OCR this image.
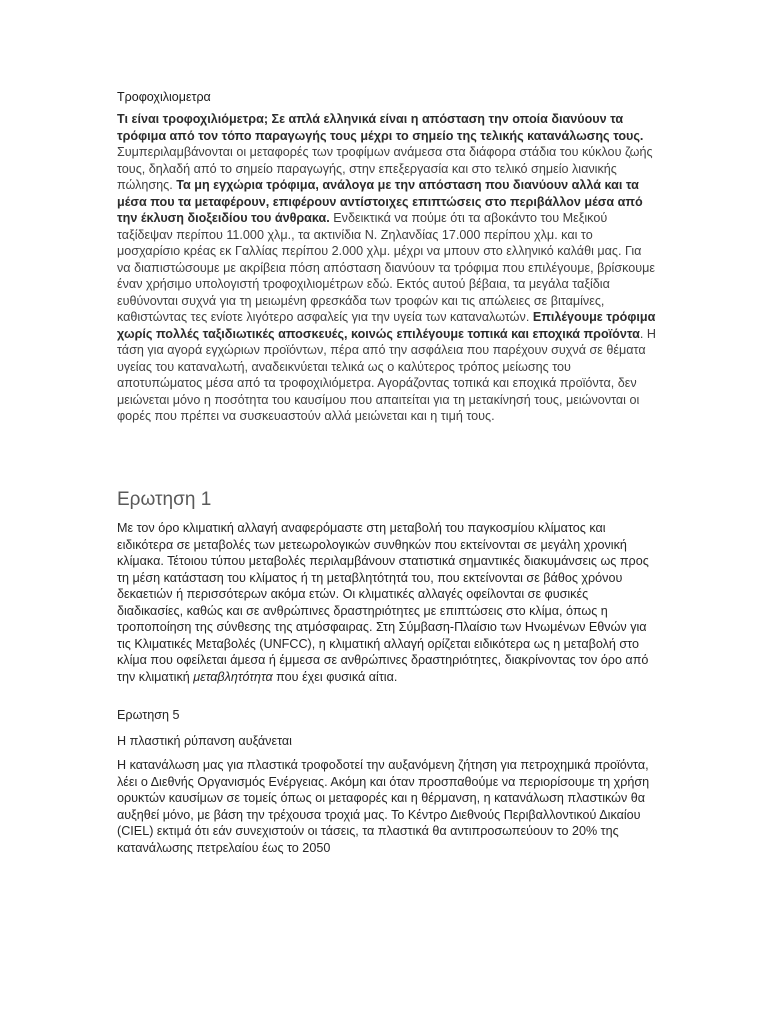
Τροφοχιλιομετρα
Τι είναι τροφοχιλιόμετρα; Σε απλά ελληνικά είναι η απόσταση την οποία διανύουν τα τρόφιμα από τον τόπο παραγωγής τους μέχρι το σημείο της τελικής κατανάλωσης τους. Συμπεριλαμβάνονται οι μεταφορές των τροφίμων ανάμεσα στα διάφορα στάδια του κύκλου ζωής τους, δηλαδή από το σημείο παραγωγής, στην επεξεργασία και στο τελικό σημείο λιανικής πώλησης. Τα μη εγχώρια τρόφιμα, ανάλογα με την απόσταση που διανύουν αλλά και τα μέσα που τα μεταφέρουν, επιφέρουν αντίστοιχες επιπτώσεις στο περιβάλλον μέσα από την έκλυση διοξειδίου του άνθρακα. Ενδεικτικά να πούμε ότι τα αβοκάντο του Μεξικού ταξίδεψαν περίπου 11.000 χλμ., τα ακτινίδια Ν. Ζηλανδίας 17.000 περίπου χλμ. και το μοσχαρίσιο κρέας εκ Γαλλίας περίπου 2.000 χλμ. μέχρι να μπουν στο ελληνικό καλάθι μας. Για να διαπιστώσουμε με ακρίβεια πόση απόσταση διανύουν τα τρόφιμα που επιλέγουμε, βρίσκουμε έναν χρήσιμο υπολογιστή τροφοχιλιομέτρων εδώ. Εκτός αυτού βέβαια, τα μεγάλα ταξίδια ευθύνονται συχνά για τη μειωμένη φρεσκάδα των τροφών και τις απώλειες σε βιταμίνες, καθιστώντας τες ενίοτε λιγότερο ασφαλείς για την υγεία των καταναλωτών. Επιλέγουμε τρόφιμα χωρίς πολλές ταξιδιωτικές αποσκευές, κοινώς επιλέγουμε τοπικά και εποχικά προϊόντα. Η τάση για αγορά εγχώριων προϊόντων, πέρα από την ασφάλεια που παρέχουν συχνά σε θέματα υγείας του καταναλωτή, αναδεικνύεται τελικά ως ο καλύτερος τρόπος μείωσης του αποτυπώματος μέσα από τα τροφοχιλιόμετρα. Αγοράζοντας τοπικά και εποχικά προϊόντα, δεν μειώνεται μόνο η ποσότητα του καυσίμου που απαιτείται για τη μετακίνησή τους, μειώνονται οι φορές που πρέπει να συσκευαστούν αλλά μειώνεται και η τιμή τους.
Ερωτηση 1
Με τον όρο κλιματική αλλαγή αναφερόμαστε στη μεταβολή του παγκοσμίου κλίματος και ειδικότερα σε μεταβολές των μετεωρολογικών συνθηκών που εκτείνονται σε μεγάλη χρονική κλίμακα. Τέτοιου τύπου μεταβολές περιλαμβάνουν στατιστικά σημαντικές διακυμάνσεις ως προς τη μέση κατάσταση του κλίματος ή τη μεταβλητότητά του, που εκτείνονται σε βάθος χρόνου δεκαετιών ή περισσότερων ακόμα ετών. Οι κλιματικές αλλαγές οφείλονται σε φυσικές διαδικασίες, καθώς και σε ανθρώπινες δραστηριότητες με επιπτώσεις στο κλίμα, όπως η τροποποίηση της σύνθεσης της ατμόσφαιρας. Στη Σύμβαση-Πλαίσιο των Ηνωμένων Εθνών για τις Κλιματικές Μεταβολές (UNFCC), η κλιματική αλλαγή ορίζεται ειδικότερα ως η μεταβολή στο κλίμα που οφείλεται άμεσα ή έμμεσα σε ανθρώπινες δραστηριότητες, διακρίνοντας τον όρο από την κλιματική μεταβλητότητα που έχει φυσικά αίτια.
Ερωτηση 5
Η πλαστική ρύπανση αυξάνεται
Η κατανάλωση μας για πλαστικά τροφοδοτεί την αυξανόμενη ζήτηση για πετροχημικά προϊόντα, λέει ο Διεθνής Οργανισμός Ενέργειας. Ακόμη και όταν προσπαθούμε να περιορίσουμε τη χρήση ορυκτών καυσίμων σε τομείς όπως οι μεταφορές και η θέρμανση, η κατανάλωση πλαστικών θα αυξηθεί μόνο, με βάση την τρέχουσα τροχιά μας. Το Κέντρο Διεθνούς Περιβαλλοντικού Δικαίου (CIEL) εκτιμά ότι εάν συνεχιστούν οι τάσεις, τα πλαστικά θα αντιπροσωπεύουν το 20% της κατανάλωσης πετρελαίου έως το 2050
